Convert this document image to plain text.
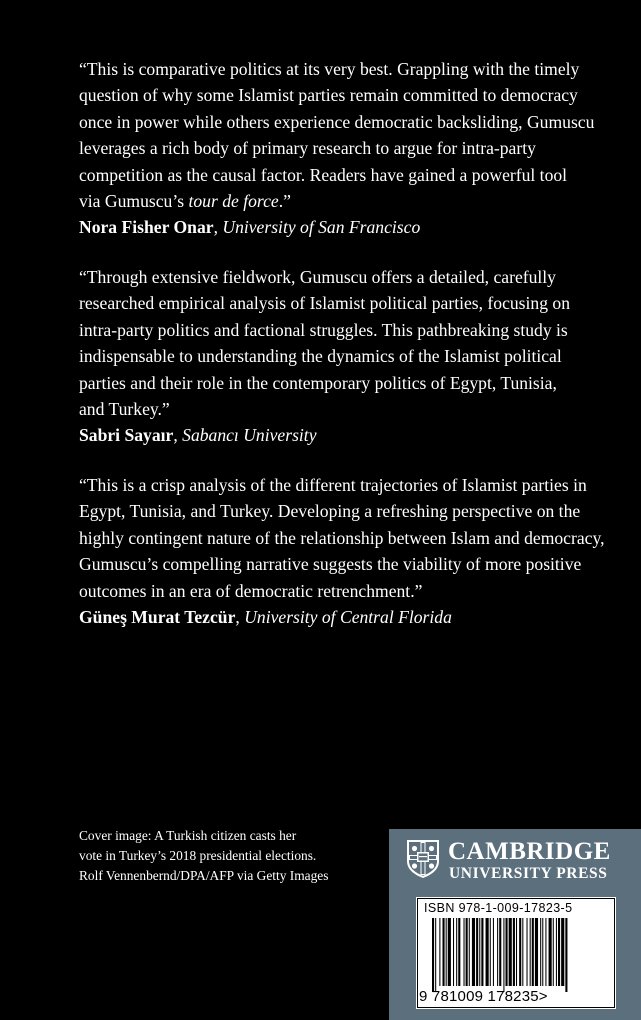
“This is comparative politics at its very best. Grappling with the timely
question of why some Islamist parties remain committed to democracy
once in power while others experience democratic backsliding, Gumuscu
leverages a rich body of primary research to argue for intra-party
competition as the causal factor. Readers have gained a powerful tool
via Gumuscu’s tour de force.”
Nora Fisher Onar, University of San Francisco
“Through extensive fieldwork, Gumuscu offers a detailed, carefully
researched empirical analysis of Islamist political parties, focusing on
intra-party politics and factional struggles. This pathbreaking study is
indispensable to understanding the dynamics of the Islamist political
parties and their role in the contemporary politics of Egypt, Tunisia,
and Turkey.”
Sabri Sayaır, Sabancı University
“This is a crisp analysis of the different trajectories of Islamist parties in
Egypt, Tunisia, and Turkey. Developing a refreshing perspective on the
highly contingent nature of the relationship between Islam and democracy,
Gumuscu’s compelling narrative suggests the viability of more positive
outcomes in an era of democratic retrenchment.”
Güneş Murat Tezcür, University of Central Florida
Cover image: A Turkish citizen casts her
vote in Turkey’s 2018 presidential elections.
Rolf Vennenbernd/DPA/AFP via Getty Images
CAMBRIDGE
UNIVERSITY PRESS
ISBN 978-1-009-17823-5
9 781009 178235>
